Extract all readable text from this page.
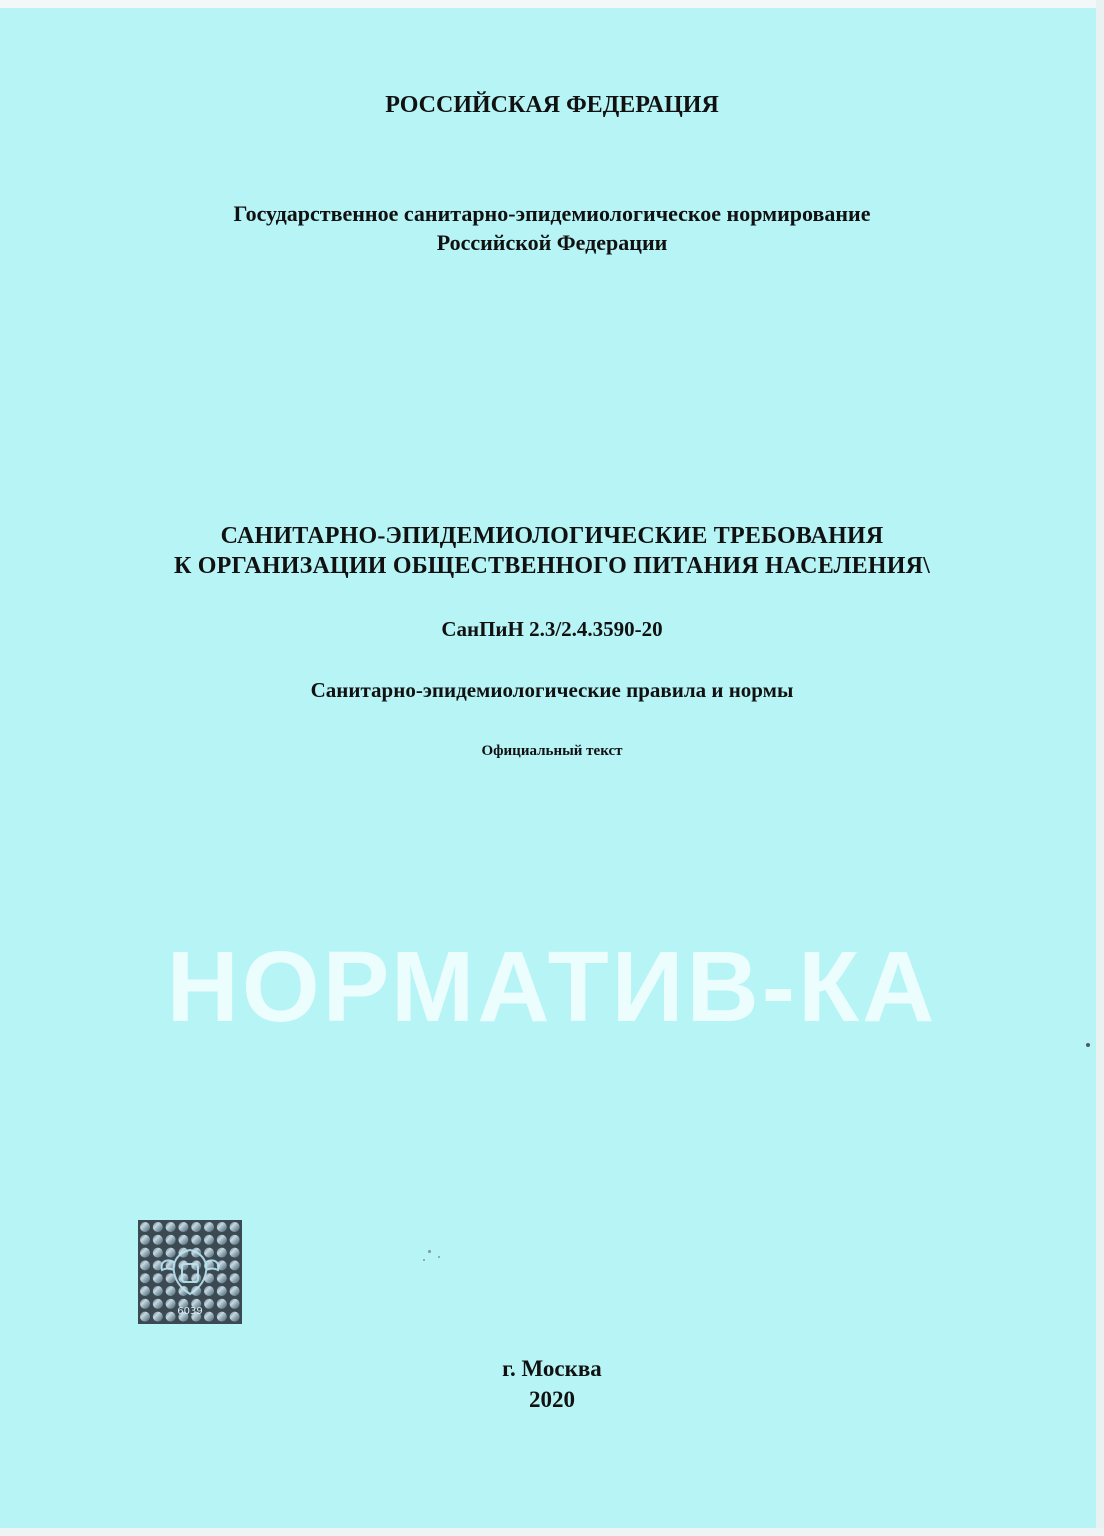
РОССИЙСКАЯ ФЕДЕРАЦИЯ
Государственное санитарно-эпидемиологическое нормирование
Российской Федерации
САНИТАРНО-ЭПИДЕМИОЛОГИЧЕСКИЕ ТРЕБОВАНИЯ
К ОРГАНИЗАЦИИ ОБЩЕСТВЕННОГО ПИТАНИЯ НАСЕЛЕНИЯ\
СанПиН 2.3/2.4.3590-20
Санитарно-эпидемиологические правила и нормы
Официальный текст
НОРМАТИВ-КА
6039
г. Москва
2020
